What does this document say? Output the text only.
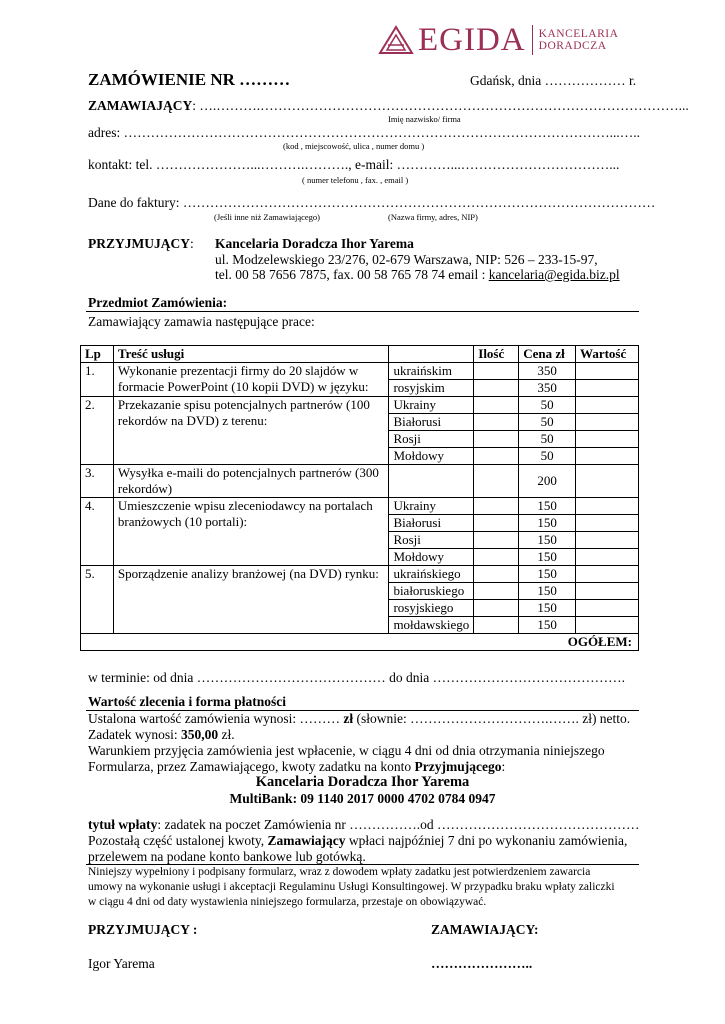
EGIDA KANCELARIA
DORADCZA
ZAMÓWIENIE NR ………	Gdańsk, dnia ……………… r.
ZAMAWIAJĄCY: ….……….…………………………………………………………………………………...
Imię nazwisko/ firma
adres: ………………………………………………………………………………………………...…..
(kod , miejscowość, ulica , numer domu )
kontakt: tel. …………………...……….………., e-mail: …………...……………………………...
( numer telefonu , fax. , email )
Dane do faktury: ……………………………………………………………………………………………
(Jeśli inne niż Zamawiającego)	(Nazwa firmy, adres, NIP)
PRZYJMUJĄCY: Kancelaria Doradcza Ihor Yarema
ul. Modzelewskiego 23/276, 02-679 Warszawa, NIP: 526 – 233-15-97,
tel. 00 58 7656 7875, fax. 00 58 765 78 74 email : kancelaria@egida.biz.pl
Przedmiot Zamówienia:
Zamawiający zamawia następujące prace:
Lp	Treść usługi		Ilość	Cena zł	Wartość
1.	Wykonanie prezentacji firmy do 20 slajdów w formacie PowerPoint (10 kopii DVD) w języku:	ukraińskim		350	
		rosyjskim		350	
2.	Przekazanie spisu potencjalnych partnerów (100 rekordów na DVD) z terenu:	Ukrainy		50	
		Białorusi		50	
		Rosji		50	
		Mołdowy		50	
3.	Wysyłka e-maili do potencjalnych partnerów (300 rekordów)			200	
4.	Umieszczenie wpisu zleceniodawcy na portalach branżowych (10 portali):	Ukrainy		150	
		Białorusi		150	
		Rosji		150	
		Mołdowy		150	
5.	Sporządzenie analizy branżowej (na DVD) rynku:	ukraińskiego		150	
		białoruskiego		150	
		rosyjskiego		150	
		mołdawskiego		150	
OGÓŁEM:					
w terminie: od dnia …………………………………… do dnia …………………………………….
Wartość zlecenia i forma płatności
Ustalona wartość zamówienia wynosi: ……… zł (słownie: ………………………….……. zł) netto.
Zadatek wynosi: 350,00 zł.
Warunkiem przyjęcia zamówienia jest wpłacenie, w ciągu 4 dni od dnia otrzymania niniejszego
Formularza, przez Zamawiającego, kwoty zadatku na konto Przyjmującego:
Kancelaria Doradcza Ihor Yarema
MultiBank: 09 1140 2017 0000 4702 0784 0947
tytuł wpłaty: zadatek na poczet Zamówienia nr …………….od ………………………………………
Pozostałą część ustalonej kwoty, Zamawiający wpłaci najpóźniej 7 dni po wykonaniu zamówienia,
przelewem na podane konto bankowe lub gotówką.
Niniejszy wypełniony i podpisany formularz, wraz z dowodem wpłaty zadatku jest potwierdzeniem zawarcia
umowy na wykonanie usługi i akceptacji Regulaminu Usługi Konsultingowej. W przypadku braku wpłaty zaliczki
w ciągu 4 dni od daty wystawienia niniejszego formularza, przestaje on obowiązywać.
PRZYJMUJĄCY :	ZAMAWIAJĄCY:
Igor Yarema	…………………..
